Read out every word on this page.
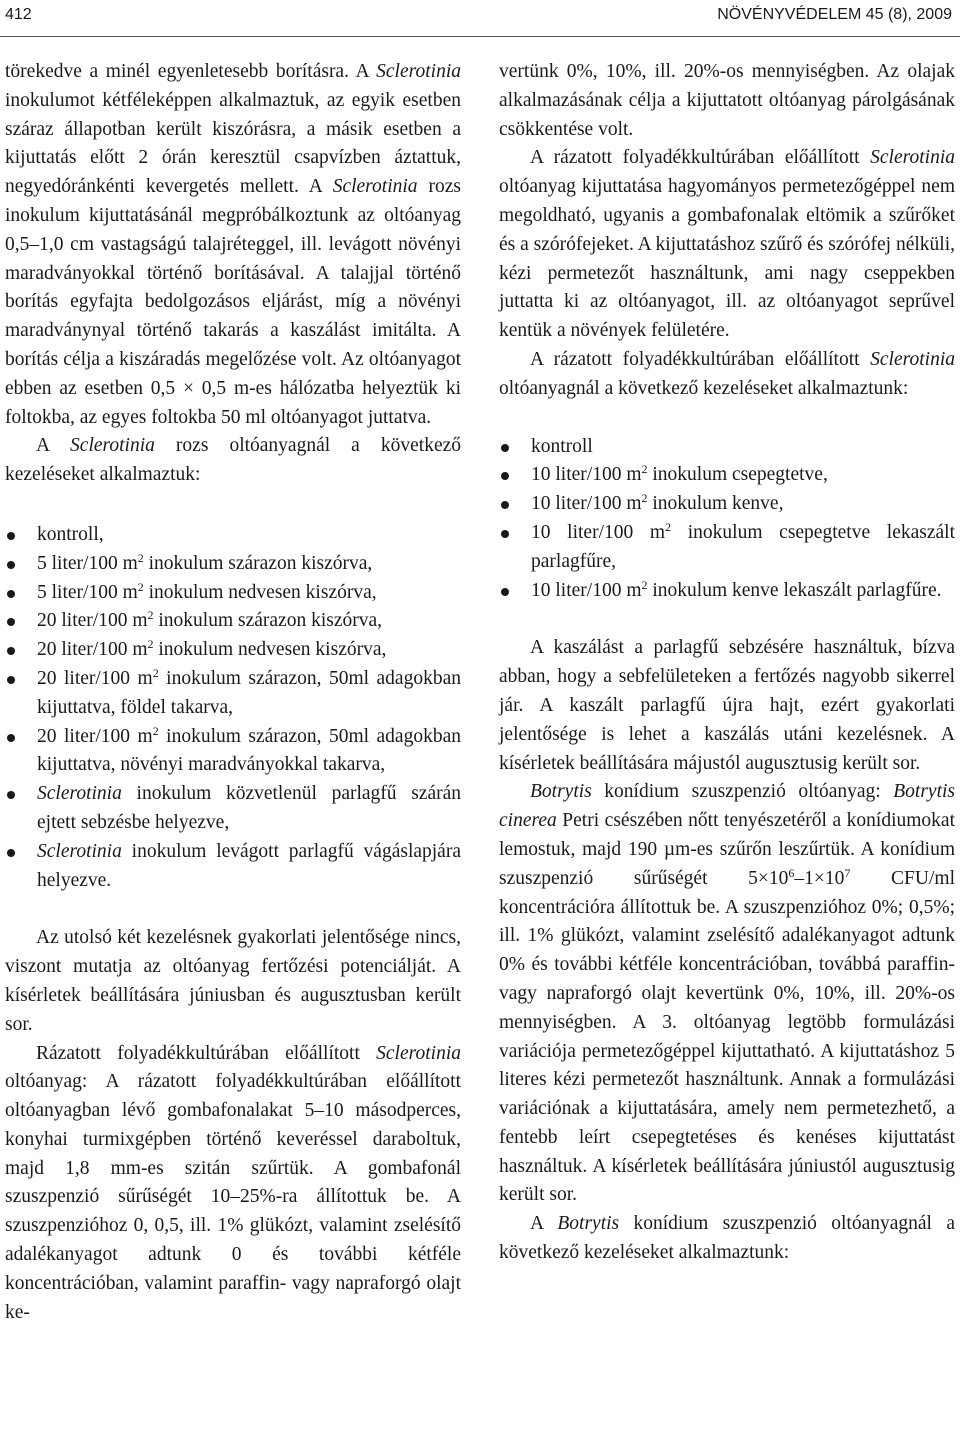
412	NÖVÉNYVÉDELEM 45 (8), 2009

törekedve a minél egyenletesebb borításra. A Sclerotinia inokulumot kétféleképpen alkalmaztuk, az egyik esetben száraz állapotban került kiszórásra, a másik esetben a kijuttatás előtt 2 órán keresztül csapvízben áztattuk, negyedóránkénti kevergetés mellett. A Sclerotinia rozs inokulum kijuttatásánál megpróbálkoztunk az oltóanyag 0,5–1,0 cm vastagságú talajréteggel, ill. levágott növényi maradványokkal történő borításával. A talajjal történő borítás egyfajta bedolgozásos eljárást, míg a növényi maradványnyal történő takarás a kaszálást imitálta. A borítás célja a kiszáradás megelőzése volt. Az oltóanyagot ebben az esetben 0,5 × 0,5 m-es hálózatba helyeztük ki foltokba, az egyes foltokba 50 ml oltóanyagot juttatva.

A Sclerotinia rozs oltóanyagnál a következő kezeléseket alkalmaztuk:

kontroll,
5 liter/100 $m^2$ inokulum szárazon kiszórva,
5 liter/100 $m^2$ inokulum nedvesen kiszórva,
20 liter/100 $m^2$ inokulum szárazon kiszórva,
20 liter/100 $m^2$ inokulum nedvesen kiszórva,
20 liter/100 $m^2$ inokulum szárazon, 50ml adagokban kijuttatva, földel takarva,
20 liter/100 $m^2$ inokulum szárazon, 50ml adagokban kijuttatva, növényi maradványokkal takarva,
Sclerotinia inokulum közvetlenül parlagfű szárán ejtett sebzésbe helyezve,
Sclerotinia inokulum levágott parlagfű vágáslapjára helyezve.

Az utolsó két kezelésnek gyakorlati jelentősége nincs, viszont mutatja az oltóanyag fertőzési potenciálját. A kísérletek beállítására júniusban és augusztusban került sor.

Rázatott folyadékkultúrában előállított Sclerotinia oltóanyag: A rázatott folyadékkultúrában előállított oltóanyagban lévő gombafonalakat 5–10 másodperces, konyhai turmixgépben történő keveréssel daraboltuk, majd 1,8 mm-es szitán szűrtük. A gombafonál szuszpenzió sűrűségét 10–25%-ra állítottuk be. A szuszpenzióhoz 0, 0,5, ill. 1% glükózt, valamint zselésítő adalékanyagot adtunk 0 és további kétféle koncentrációban, valamint paraffin- vagy napraforgó olajt ke-

vertünk 0%, 10%, ill. 20%-os mennyiségben. Az olajak alkalmazásának célja a kijuttatott oltóanyag párolgásának csökkentése volt.

A rázatott folyadékkultúrában előállított Sclerotinia oltóanyag kijuttatása hagyományos permetezőgéppel nem megoldható, ugyanis a gombafonalak eltömik a szűrőket és a szórófejeket. A kijuttatáshoz szűrő és szórófej nélküli, kézi permetezőt használtunk, ami nagy cseppekben juttatta ki az oltóanyagot, ill. az oltóanyagot seprűvel kentük a növények felületére.

A rázatott folyadékkultúrában előállított Sclerotinia oltóanyagnál a következő kezeléseket alkalmaztunk:

kontroll
10 liter/100 $m^2$ inokulum csepegtetve,
10 liter/100 $m^2$ inokulum kenve,
10 liter/100 $m^2$ inokulum csepegtetve lekaszált parlagfűre,
10 liter/100 $m^2$ inokulum kenve lekaszált parlagfűre.

A kaszálást a parlagfű sebzésére használtuk, bízva abban, hogy a sebfelületeken a fertőzés nagyobb sikerrel jár. A kaszált parlagfű újra hajt, ezért gyakorlati jelentősége is lehet a kaszálás utáni kezelésnek. A kísérletek beállítására májustól augusztusig került sor.

Botrytis konídium szuszpenzió oltóanyag: Botrytis cinerea Petri csészében nőtt tenyészetéről a konídiumokat lemostuk, majd 190 µm-es szűrőn leszűrtük. A konídium szuszpenzió sűrűségét $5\times 10^6-1\times 10^7$ CFU/ml koncentrációra állítottuk be. A szuszpenzióhoz 0%; 0,5%; ill. 1% glükózt, valamint zselésítő adalékanyagot adtunk 0% és további kétféle koncentrációban, továbbá paraffin- vagy napraforgó olajt kevertünk 0%, 10%, ill. 20%-os mennyiségben. A 3. oltóanyag legtöbb formulázási variációja permetezőgéppel kijuttatható. A kijuttatáshoz 5 literes kézi permetezőt használtunk. Annak a formulázási variációnak a kijuttatására, amely nem permetezhető, a fentebb leírt csepegtetéses és kenéses kijuttatást használtuk. A kísérletek beállítására júniustól augusztusig került sor.

A Botrytis konídium szuszpenzió oltóanyagnál a következő kezeléseket alkalmaztunk:
